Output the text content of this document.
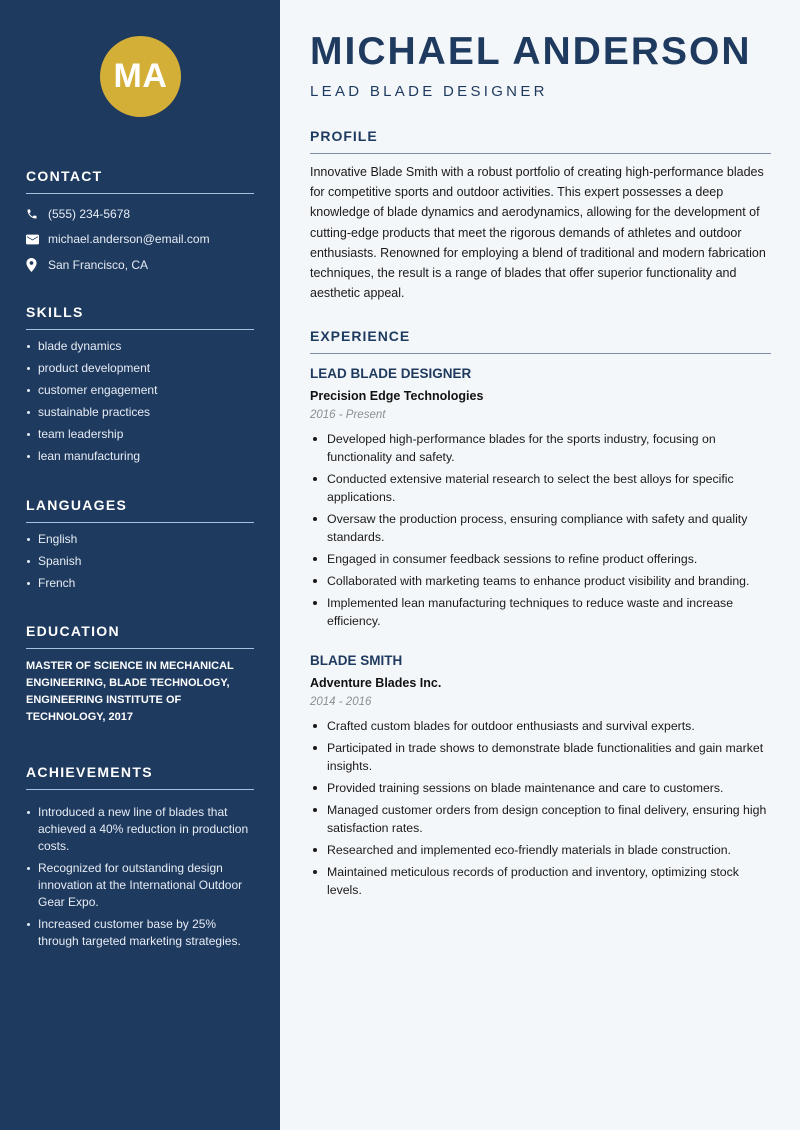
MA
CONTACT
(555) 234-5678
michael.anderson@email.com
San Francisco, CA
SKILLS
blade dynamics
product development
customer engagement
sustainable practices
team leadership
lean manufacturing
LANGUAGES
English
Spanish
French
EDUCATION
MASTER OF SCIENCE IN MECHANICAL ENGINEERING, BLADE TECHNOLOGY, ENGINEERING INSTITUTE OF TECHNOLOGY, 2017
ACHIEVEMENTS
Introduced a new line of blades that achieved a 40% reduction in production costs.
Recognized for outstanding design innovation at the International Outdoor Gear Expo.
Increased customer base by 25% through targeted marketing strategies.
MICHAEL ANDERSON
LEAD BLADE DESIGNER
PROFILE

Innovative Blade Smith with a robust portfolio of creating high-performance blades for competitive sports and outdoor activities. This expert possesses a deep knowledge of blade dynamics and aerodynamics, allowing for the development of cutting-edge products that meet the rigorous demands of athletes and outdoor enthusiasts. Renowned for employing a blend of traditional and modern fabrication techniques, the result is a range of blades that offer superior functionality and aesthetic appeal.

EXPERIENCE
LEAD BLADE DESIGNER
Precision Edge Technologies
2016 - Present
Developed high-performance blades for the sports industry, focusing on functionality and safety.
Conducted extensive material research to select the best alloys for specific applications.
Oversaw the production process, ensuring compliance with safety and quality standards.
Engaged in consumer feedback sessions to refine product offerings.
Collaborated with marketing teams to enhance product visibility and branding.
Implemented lean manufacturing techniques to reduce waste and increase efficiency.
BLADE SMITH
Adventure Blades Inc.
2014 - 2016
Crafted custom blades for outdoor enthusiasts and survival experts.
Participated in trade shows to demonstrate blade functionalities and gain market insights.
Provided training sessions on blade maintenance and care to customers.
Managed customer orders from design conception to final delivery, ensuring high satisfaction rates.
Researched and implemented eco-friendly materials in blade construction.
Maintained meticulous records of production and inventory, optimizing stock levels.
